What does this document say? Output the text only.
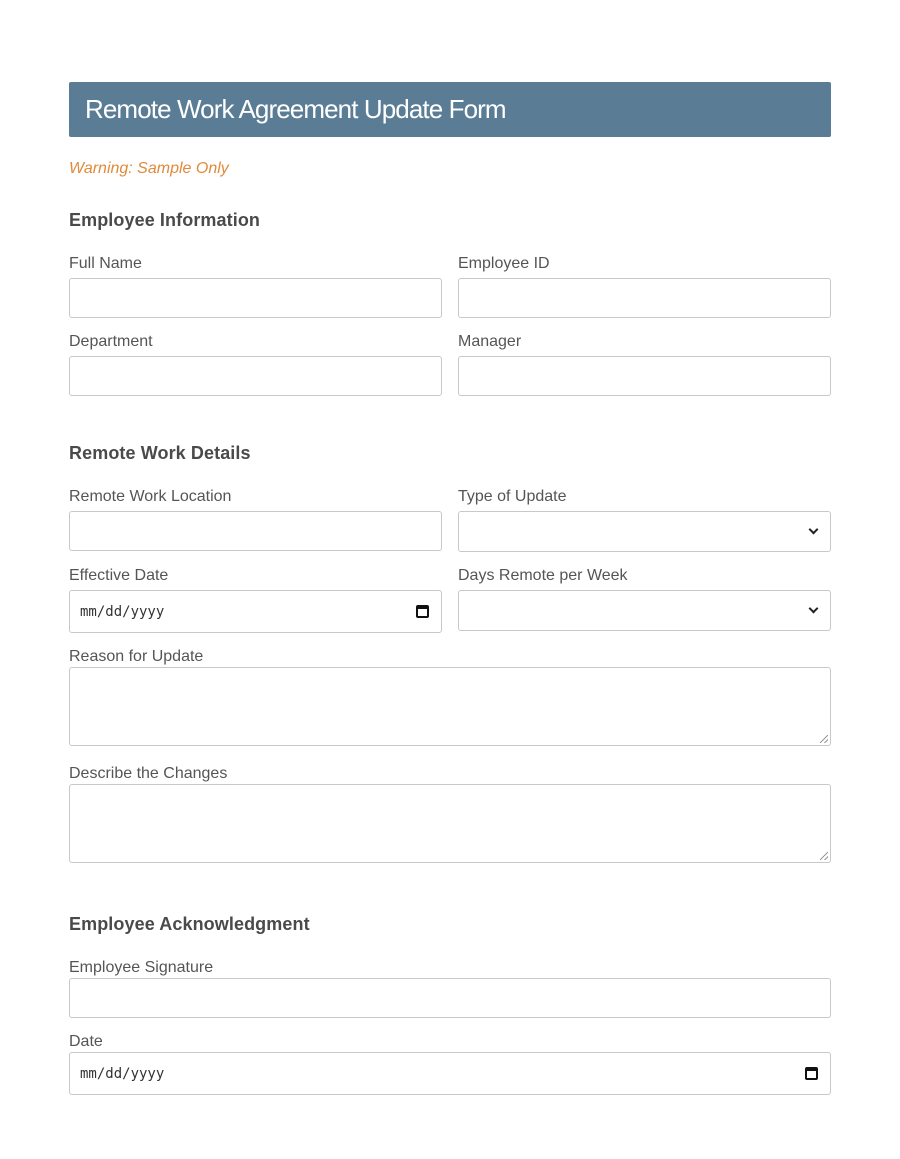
Remote Work Agreement Update Form
Warning: Sample Only
Employee Information
Full Name	Employee ID
Department	Manager
Remote Work Details
Remote Work Location	Type of Update
Effective Date	Days Remote per Week
mm/dd/yyyy
Reason for Update
Describe the Changes
Employee Acknowledgment
Employee Signature
Date
mm/dd/yyyy
